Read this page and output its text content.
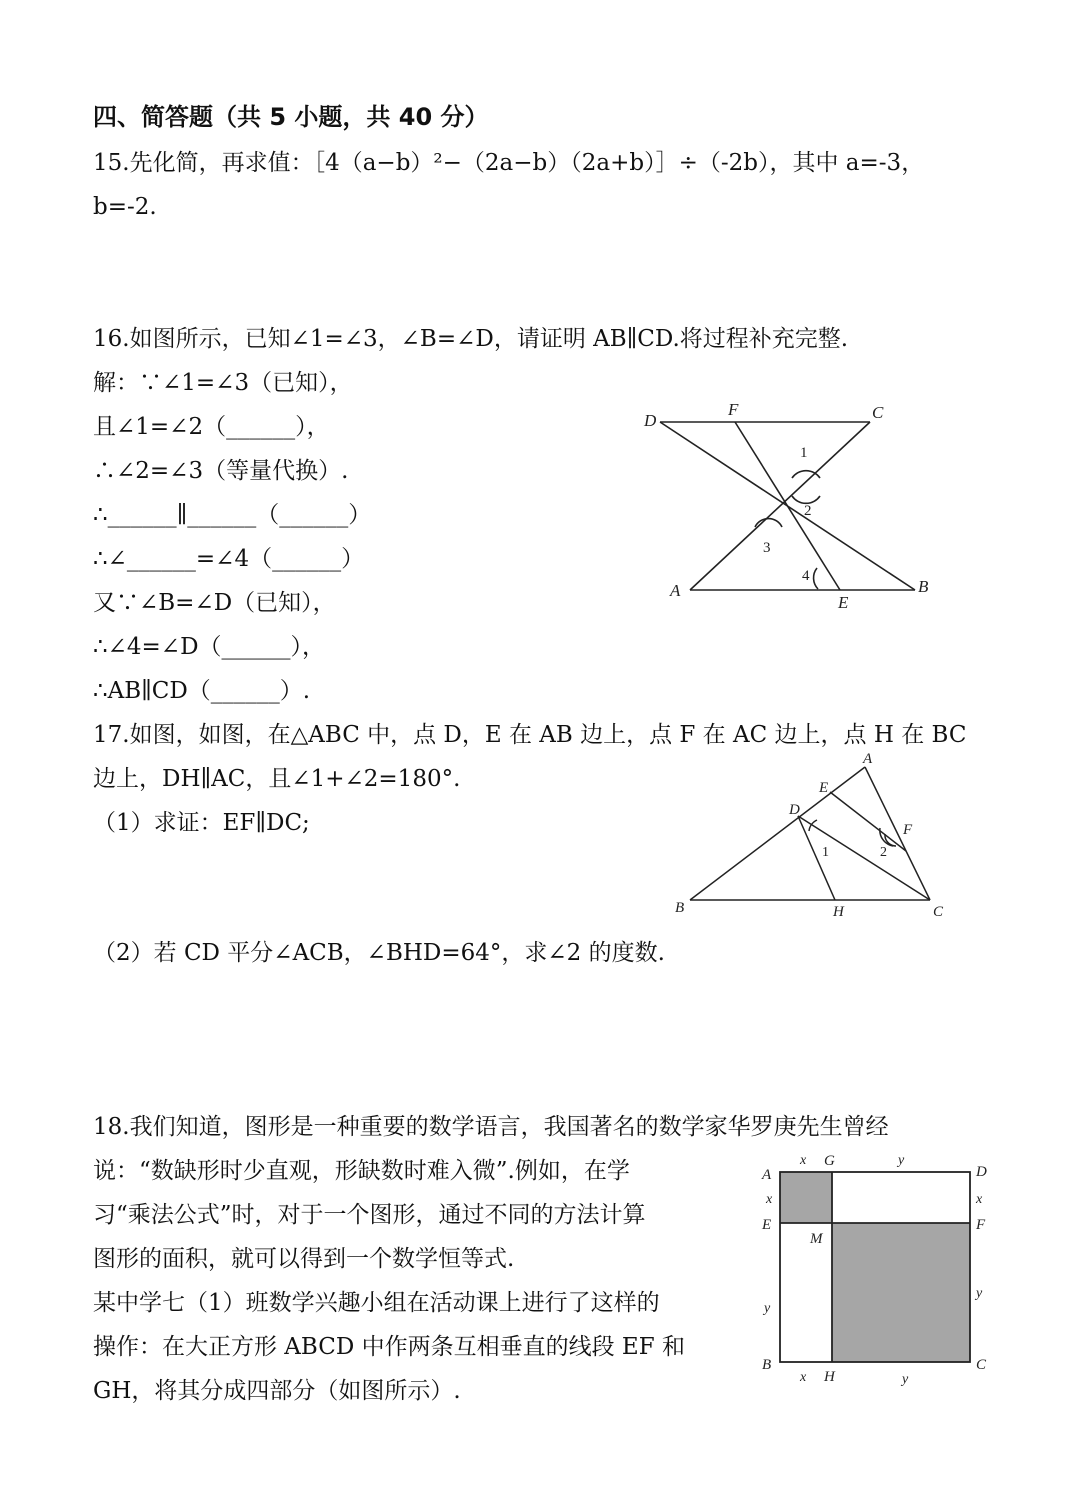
四、简答题（共 5 小题，共 40 分）
15.先化简，再求值：［4（a−b）²−（2a−b）（2a+b）］÷（-2b），其中 a=-3，
b=-2.
16.如图所示，已知∠1=∠3，∠B=∠D，请证明 AB∥CD.将过程补充完整.
解：∵∠1=∠3（已知），
且∠1=∠2（______），
∴∠2=∠3（等量代换）.
∴______∥______（______）
∴∠______=∠4（______）
又∵∠B=∠D（已知），
∴∠4=∠D（______），
∴AB∥CD（______）.
D
F	C
A
E
B
1
2
3
4
17.如图，如图，在△ABC 中，点 D，E 在 AB 边上，点 F 在 AC 边上，点 H 在 BC
边上，DH∥AC，且∠1+∠2=180°.
（1）求证：EF∥DC;
（2）若 CD 平分∠ACB，∠BHD=64°，求∠2 的度数.
A
E
D
F
B	H	C
1	2
18.我们知道，图形是一种重要的数学语言，我国著名的数学家华罗庚先生曾经
说：“数缺形时少直观，形缺数时难入微”.例如，在学
习“乘法公式”时，对于一个图形，通过不同的方法计算
图形的面积，就可以得到一个数学恒等式.
某中学七（1）班数学兴趣小组在活动课上进行了这样的
操作：在大正方形 ABCD 中作两条互相垂直的线段 EF 和
GH，将其分成四部分（如图所示）.
A
G
D
E
M
F
B
H
C
x	y
x	x
y
y
x	y
